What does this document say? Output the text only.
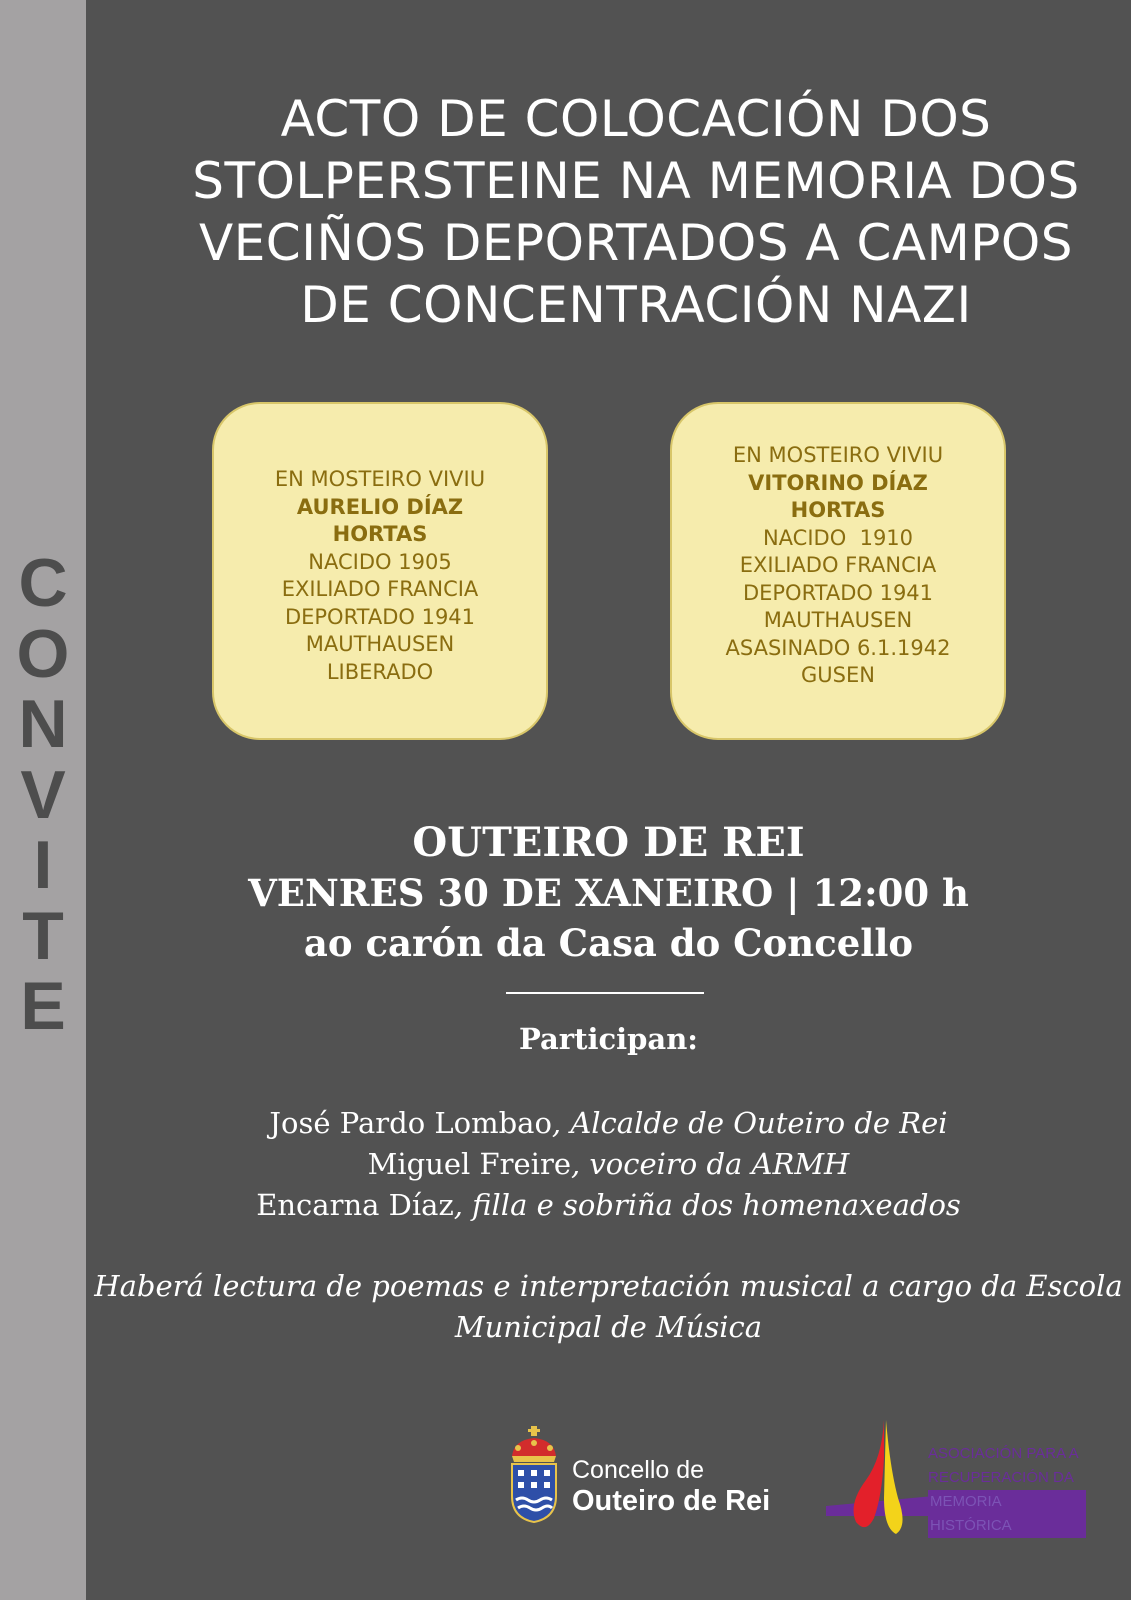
C
O
N
V
I
T
E
ACTO DE COLOCACIÓN DOS
STOLPERSTEINE NA MEMORIA DOS
VECIÑOS DEPORTADOS A CAMPOS
DE CONCENTRACIÓN NAZI
EN MOSTEIRO VIVIU
AURELIO DÍAZ
HORTAS
NACIDO 1905
EXILIADO FRANCIA
DEPORTADO 1941
MAUTHAUSEN
LIBERADO
EN MOSTEIRO VIVIU
VITORINO DÍAZ
HORTAS
NACIDO  1910
EXILIADO FRANCIA
DEPORTADO 1941
MAUTHAUSEN
ASASINADO 6.1.1942
GUSEN
OUTEIRO DE REI
VENRES 30 DE XANEIRO | 12:00 h
ao carón da Casa do Concello
Participan:
José Pardo Lombao, Alcalde de Outeiro de Rei
Miguel Freire, voceiro da ARMH
Encarna Díaz, filla e sobriña dos homenaxeados
Haberá lectura de poemas e interpretación musical a cargo da Escola
Municipal de Música
Concello de
Outeiro de Rei
ASOCIACIÓN PARA A
RECUPERACIÓN DA
MEMORIA HISTÓRICA
